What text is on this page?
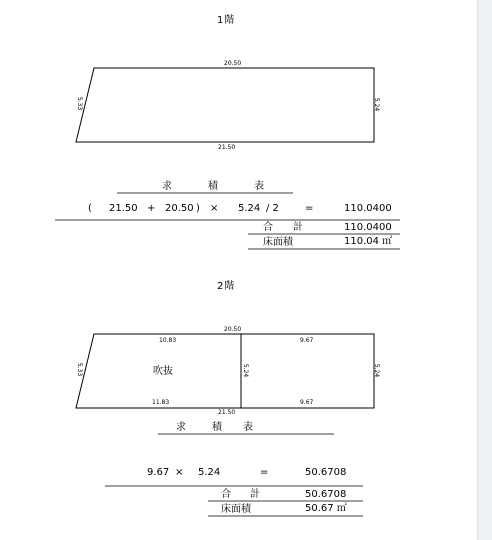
1階
20.50
21.50
5.33	5.24
求	積	表
( 21.50 + 20.50 ) × 5.24 / 2	=	110.0400
合 計	110.0400
床面積	110.04 ㎡
2階
20.50
21.50
5.33	5.24
5.24
10.83
11.83
9.67
9.67
吹抜
求	積 表
9.67 × 5.24	=	50.6708
合 計	50.6708
床面積	50.67 ㎡
